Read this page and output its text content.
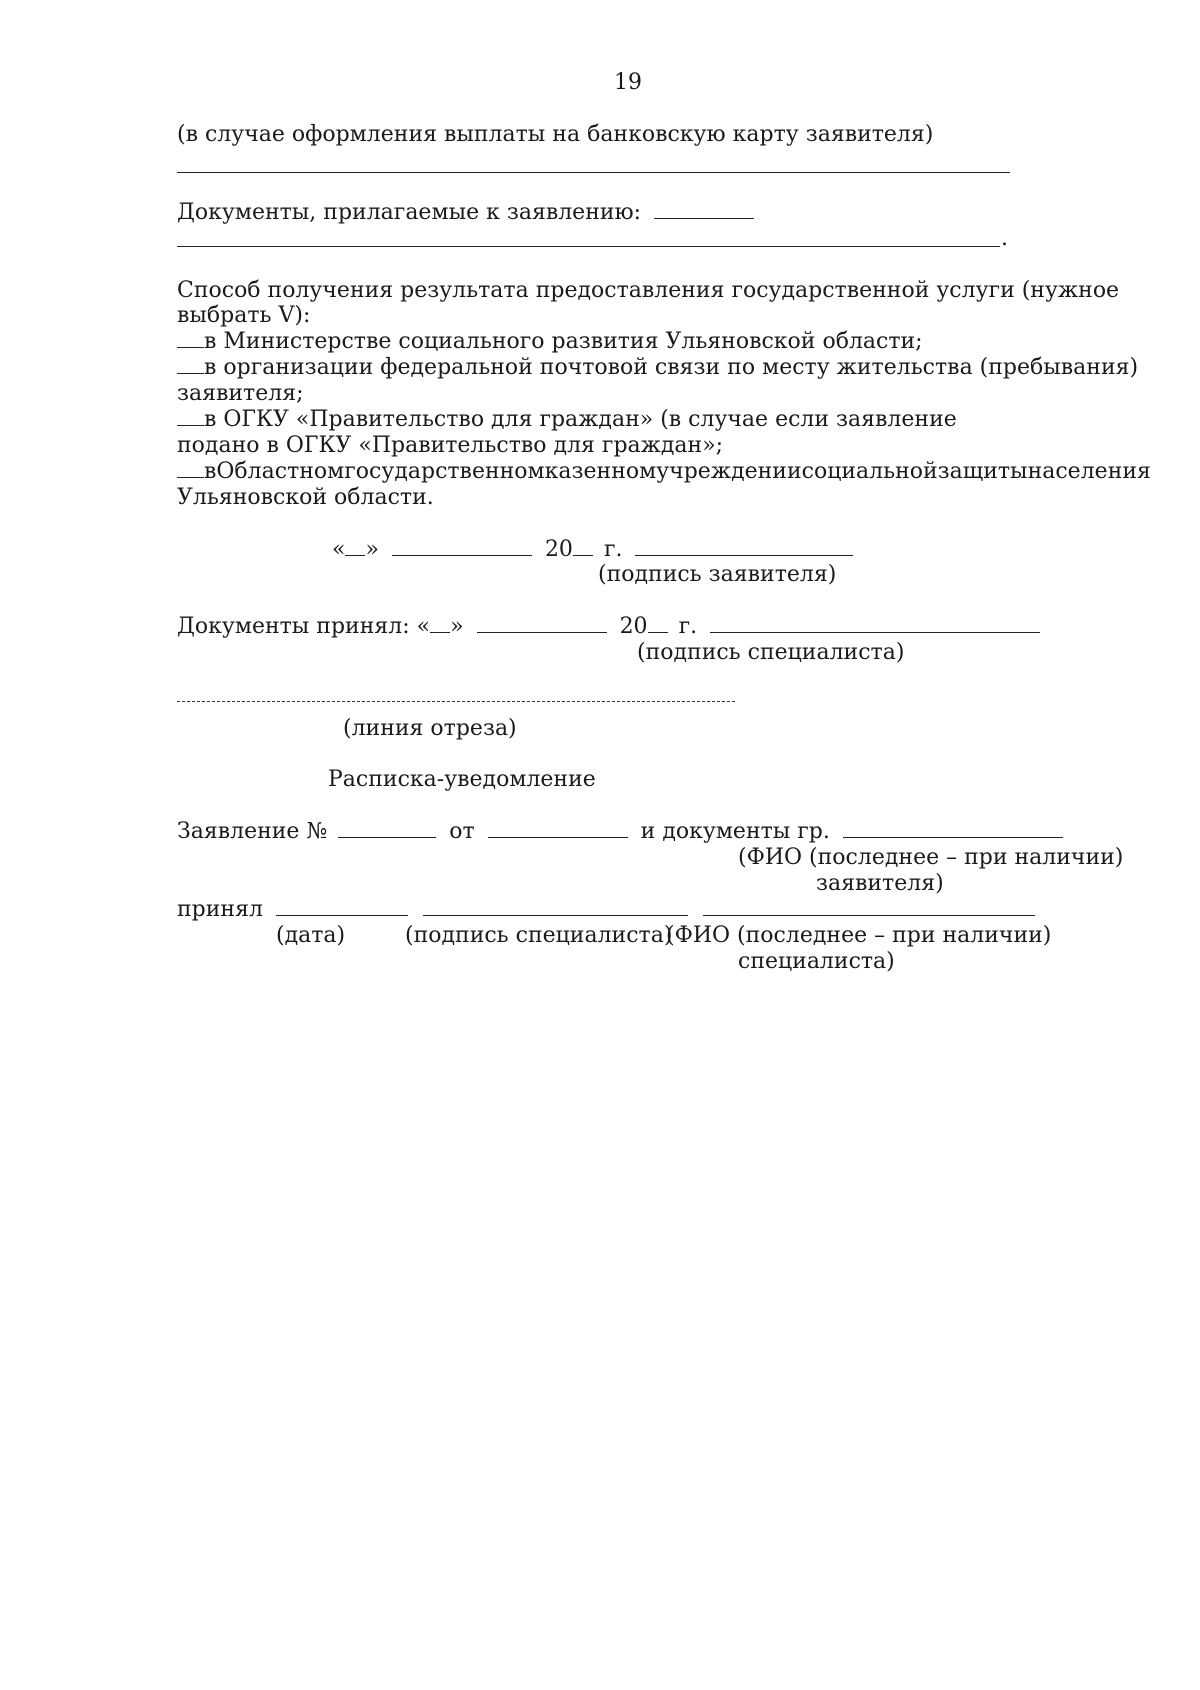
19
(в случае оформления выплаты на банковскую карту заявителя)
Документы, прилагаемые к заявлению:
.
Способ получения результата предоставления государственной услуги (нужное
выбрать V):
в Министерстве социального развития Ульяновской области;
в организации федеральной почтовой связи по месту жительства (пребывания)
заявителя;
в ОГКУ «Правительство для граждан» (в случае если заявление
подано в ОГКУ «Правительство для граждан»;
в Областном государственном казенном учреждении социальной защиты населения
Ульяновской области.
« »	20 г.
(подпись заявителя)
Документы принял: « »	20 г.
(подпись специалиста)
(линия отреза)
Расписка-уведомление
Заявление №	от	и документы гр.
(ФИО (последнее – при наличии)
заявителя)
принял
(дата)	(подпись специалиста)
(ФИО (последнее – при наличии)
специалиста)
